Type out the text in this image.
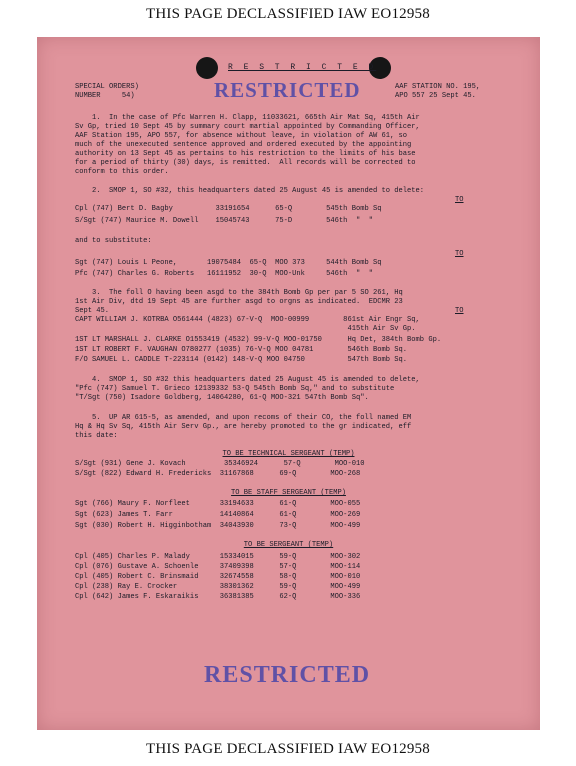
THIS PAGE DECLASSIFIED IAW EO12958
R E S T R I C T E D
RESTRICTED
SPECIAL ORDERS)
NUMBER     54)
AAF STATION NO. 195,
APO 557 25 Sept 45.
1.  In the case of Pfc Warren H. Clapp, 11033621, 665th Air Mat Sq, 415th Air
Sv Gp, tried 10 Sept 45 by summary court martial appointed by Commanding Officer,
AAF Station 195, APO 557, for absence without leave, in violation of AW 61, so
much of the unexecuted sentence approved and ordered executed by the appointing
authority on 13 Sept 45 as pertains to his restriction to the limits of his base
for a period of thirty (30) days, is remitted.  All records will be corrected to
conform to this order.
2.  SMOP 1, SO #32, this headquarters dated 25 August 45 is amended to delete:
TO
Cpl (747) Bert D. Bagby          33191654      65-Q        545th Bomb Sq
S/Sgt (747) Maurice M. Dowell    15045743      75-D        546th  "  "
and to substitute:
TO
Sgt (747) Louis L Peone,       19075484  65-Q  MOO 373     544th Bomb Sq
Pfc (747) Charles G. Roberts   16111952  30-Q  MOO-Unk     546th  "  "
3.  The foll O having been asgd to the 384th Bomb Gp per par 5 SO 261, Hq
1st Air Div, dtd 19 Sept 45 are further asgd to orgns as indicated.  EDCMR 23
Sept 45.	TO
CAPT WILLIAM J. KOTRBA O561444 (4823) 67-V-Q  MOO-00999        861st Air Engr Sq,
415th Air Sv Gp.
1ST LT MARSHALL J. CLARKE O1553419 (4532) 99-V-Q MOO-01750      Hq Det, 384th Bomb Gp.
1ST LT ROBERT F. VAUGHAN O780277 (1035) 76-V-Q MOO 04781        546th Bomb Sq.
F/O SAMUEL L. CADDLE T-223114 (0142) 148-V-Q MOO 04750          547th Bomb Sq.
4.  SMOP 1, SO #32 this headquarters dated 25 August 45 is amended to delete,
"Pfc (747) Samuel T. Grieco 12139332 53-Q 545th Bomb Sq," and to substitute
"T/Sgt (750) Isadore Goldberg, 14064280, 61-Q MOO-321 547th Bomb Sq".
5.  UP AR 615-5, as amended, and upon recoms of their CO, the foll named EM
Hq & Hq Sv Sq, 415th Air Serv Gp., are hereby promoted to the gr indicated, eff
this date:
TO BE TECHNICAL SERGEANT (TEMP)
S/Sgt (931) Gene J. Kovach         35346924      57-Q        MOO-010
S/Sgt (822) Edward H. Fredericks  31167868      69-Q        MOO-268
TO BE STAFF SERGEANT (TEMP)
Sgt (766) Maury F. Norfleet       33194633      61-Q        MOO-055
Sgt (623) James T. Farr           14140864      61-Q        MOO-269
Sgt (030) Robert H. Higginbotham  34043930      73-Q        MOO-499
TO BE SERGEANT (TEMP)
Cpl (405) Charles P. Malady       15334015      59-Q        MOO-302
Cpl (076) Gustave A. Schoenle     37409398      57-Q        MOO-114
Cpl (405) Robert C. Brinsmaid     32674558      58-Q        MOO-010
Cpl (238) Ray E. Crocker          38301362      59-Q        MOO-499
Cpl (642) James F. Eskaraikis     36381385      62-Q        MOO-336
RESTRICTED
THIS PAGE DECLASSIFIED IAW EO12958
